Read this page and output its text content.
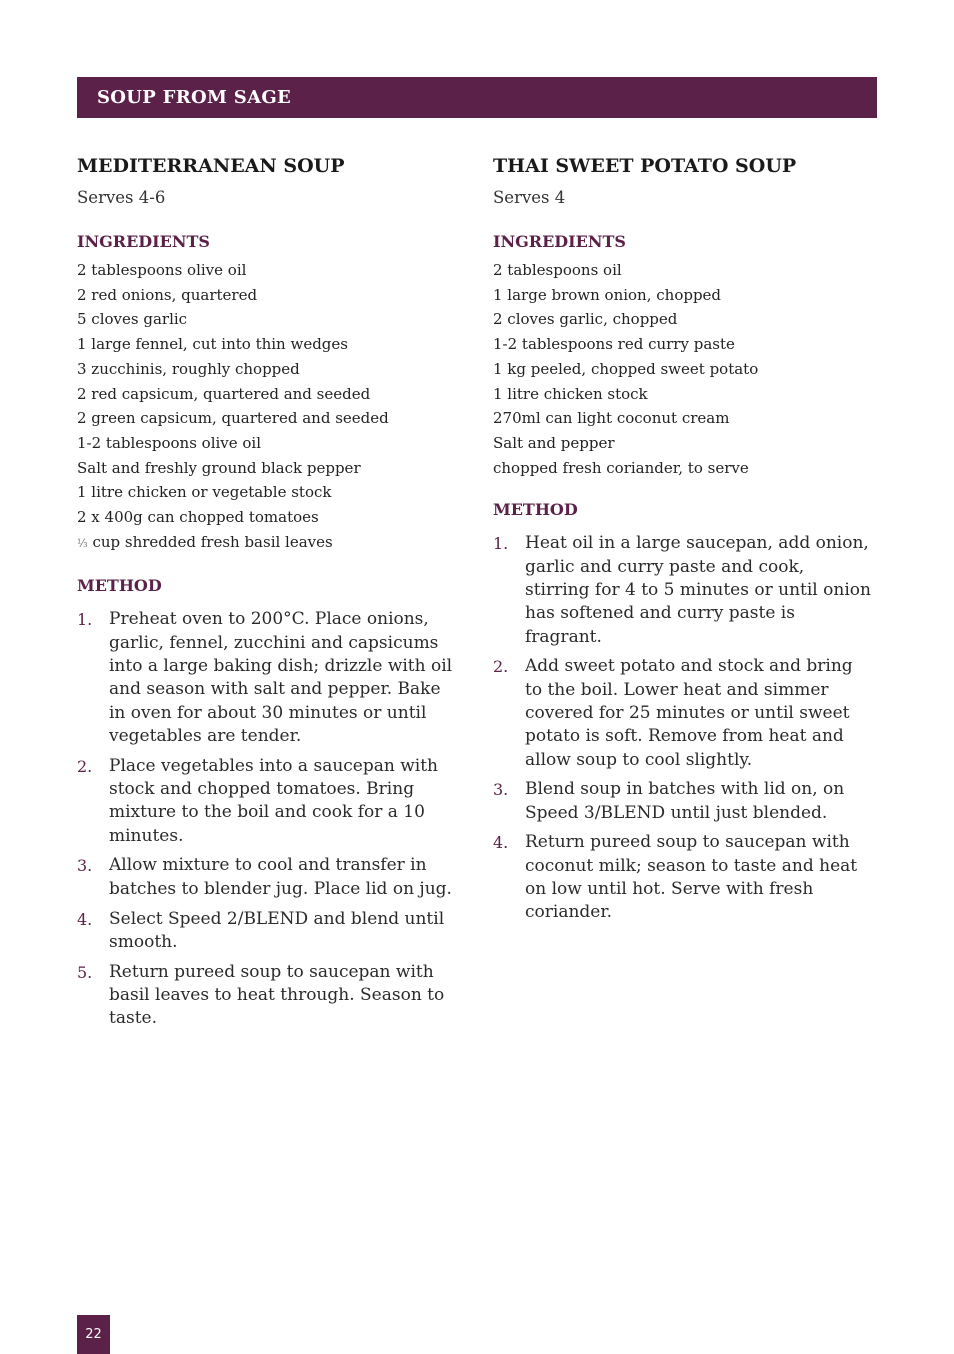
SOUP FROM SAGE
MEDITERRANEAN SOUP

Serves 4-6

INGREDIENTS
2 tablespoons olive oil
2 red onions, quartered
5 cloves garlic
1 large fennel, cut into thin wedges
3 zucchinis, roughly chopped
2 red capsicum, quartered and seeded
2 green capsicum, quartered and seeded
1-2 tablespoons olive oil
Salt and freshly ground black pepper
1 litre chicken or vegetable stock
2 x 400g can chopped tomatoes
⅓ cup shredded fresh basil leaves
METHOD
1. Preheat oven to 200°C. Place onions, garlic, fennel, zucchini and capsicums into a large baking dish; drizzle with oil and season with salt and pepper. Bake in oven for about 30 minutes or until vegetables are tender.
2. Place vegetables into a saucepan with stock and chopped tomatoes. Bring mixture to the boil and cook for a 10 minutes.
3. Allow mixture to cool and transfer in batches to blender jug. Place lid on jug.
4. Select Speed 2/BLEND and blend until smooth.
5. Return pureed soup to saucepan with basil leaves to heat through. Season to taste.
THAI SWEET POTATO SOUP

Serves 4

INGREDIENTS
2 tablespoons oil
1 large brown onion, chopped
2 cloves garlic, chopped
1-2 tablespoons red curry paste
1 kg peeled, chopped sweet potato
1 litre chicken stock
270ml can light coconut cream
Salt and pepper
chopped fresh coriander, to serve
METHOD
1. Heat oil in a large saucepan, add onion, garlic and curry paste and cook, stirring for 4 to 5 minutes or until onion has softened and curry paste is fragrant.
2. Add sweet potato and stock and bring to the boil. Lower heat and simmer covered for 25 minutes or until sweet potato is soft. Remove from heat and allow soup to cool slightly.
3. Blend soup in batches with lid on, on Speed 3/BLEND until just blended.
4. Return pureed soup to saucepan with coconut milk; season to taste and heat on low until hot. Serve with fresh coriander.
22
